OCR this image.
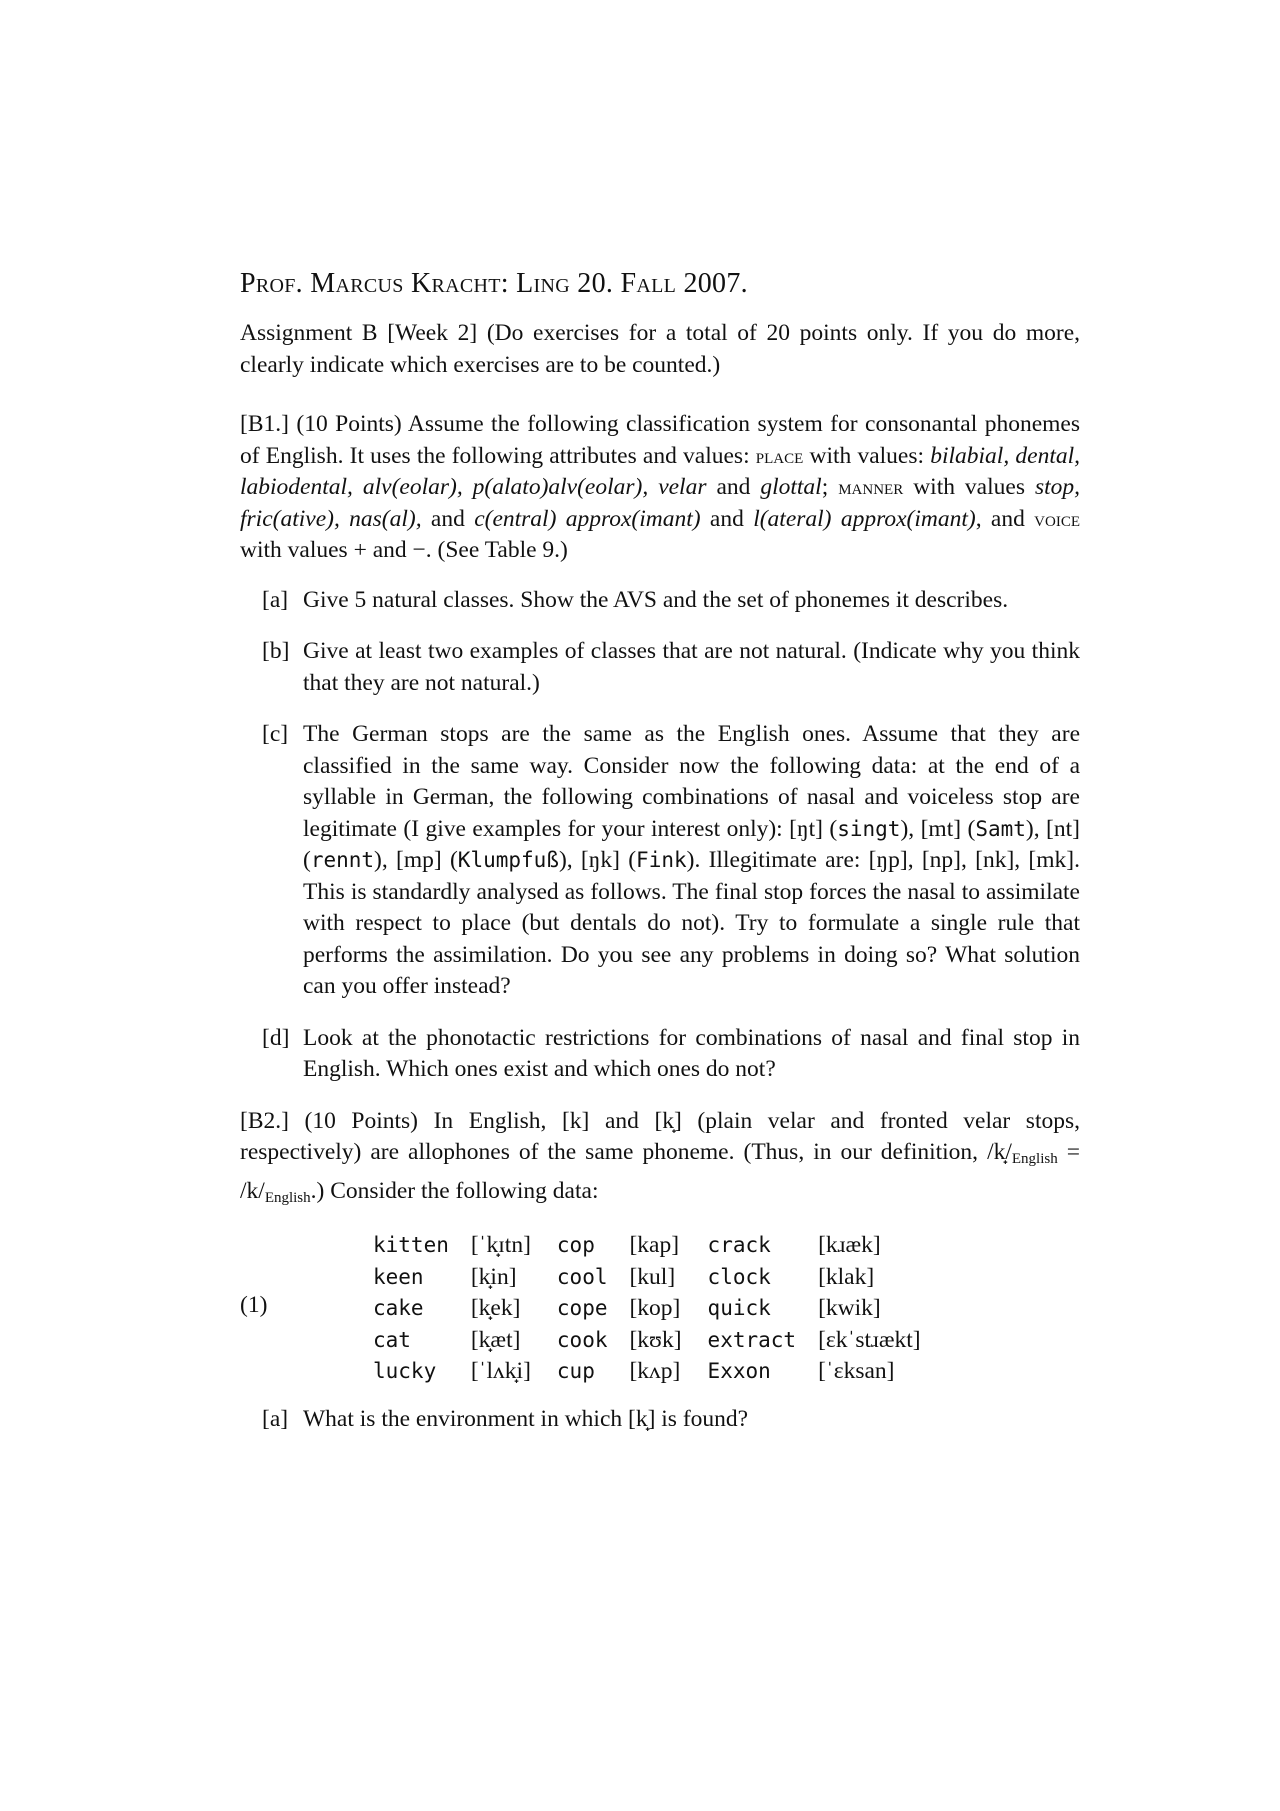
Prof. Marcus Kracht: Ling 20. Fall 2007.

Assignment B [Week 2] (Do exercises for a total of 20 points only. If you do more, clearly indicate which exercises are to be counted.)

[B1.] (10 Points) Assume the following classification system for consonantal phonemes of English. It uses the following attributes and values: place with values: bilabial, dental, labiodental, alv(eolar), p(alato)alv(eolar), velar and glottal; manner with values stop, fric(ative), nas(al), and c(entral) approx(imant) and l(ateral) approx(imant), and voice with values + and −. (See Table 9.)

[a] Give 5 natural classes. Show the AVS and the set of phonemes it describes.

[b] Give at least two examples of classes that are not natural. (Indicate why you think that they are not natural.)

[c] The German stops are the same as the English ones. Assume that they are classified in the same way. Consider now the following data: at the end of a syllable in German, the following combinations of nasal and voiceless stop are legitimate (I give examples for your interest only): [ŋt] (singt), [mt] (Samt), [nt] (rennt), [mp] (Klumpfuß), [ŋk] (Fink). Illegitimate are: [ŋp], [np], [nk], [mk]. This is standardly analysed as follows. The final stop forces the nasal to assimilate with respect to place (but dentals do not). Try to formulate a single rule that performs the assimilation. Do you see any problems in doing so? What solution can you offer instead?

[d] Look at the phonotactic restrictions for combinations of nasal and final stop in English. Which ones exist and which ones do not?

[B2.] (10 Points) In English, [k] and [k̟] (plain velar and fronted velar stops, respectively) are allophones of the same phoneme. (Thus, in our definition, $/k̟/_{English} = /k/_{English}$.) Consider the following data:

(1)
kitten	[ˈk̟ɪtn]	cop	[kap]	crack	[kɹæk]
keen	[k̟in]	cool	[kul]	clock	[klak]
cake	[k̟ek]	cope	[kop]	quick	[kwik]
cat	[k̟æt]	cook	[kʊk]	extract	[ɛkˈstɹækt]
lucky	[ˈlʌk̟i]	cup	[kʌp]	Exxon	[ˈɛksan]
[a] What is the environment in which [k̟] is found?
